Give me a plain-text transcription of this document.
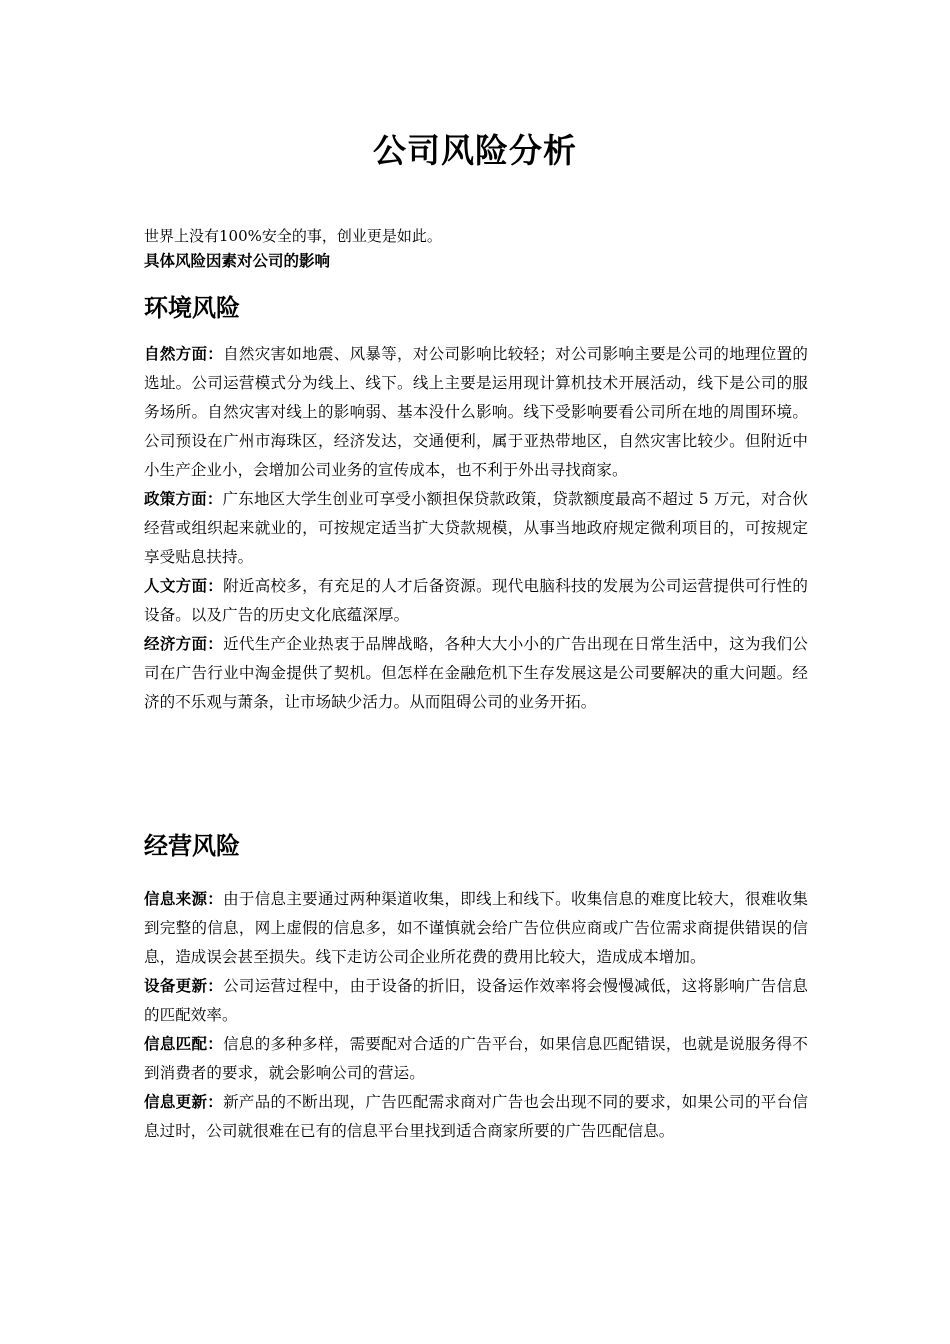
公司风险分析
世界上没有100%安全的事，创业更是如此。
具体风险因素对公司的影响
环境风险

自然方面：自然灾害如地震、风暴等，对公司影响比较轻；对公司影响主要是公司的地理位置的选址。公司运营模式分为线上、线下。线上主要是运用现计算机技术开展活动，线下是公司的服务场所。自然灾害对线上的影响弱、基本没什么影响。线下受影响要看公司所在地的周围环境。公司预设在广州市海珠区，经济发达，交通便利，属于亚热带地区，自然灾害比较少。但附近中小生产企业小，会增加公司业务的宣传成本，也不利于外出寻找商家。

政策方面：广东地区大学生创业可享受小额担保贷款政策，贷款额度最高不超过 5 万元，对合伙经营或组织起来就业的，可按规定适当扩大贷款规模，从事当地政府规定微利项目的，可按规定享受贴息扶持。

人文方面：附近高校多，有充足的人才后备资源。现代电脑科技的发展为公司运营提供可行性的设备。以及广告的历史文化底蕴深厚。

经济方面：近代生产企业热衷于品牌战略，各种大大小小的广告出现在日常生活中，这为我们公司在广告行业中淘金提供了契机。但怎样在金融危机下生存发展这是公司要解决的重大问题。经济的不乐观与萧条，让市场缺少活力。从而阻碍公司的业务开拓。

经营风险

信息来源：由于信息主要通过两种渠道收集，即线上和线下。收集信息的难度比较大，很难收集到完整的信息，网上虚假的信息多，如不谨慎就会给广告位供应商或广告位需求商提供错误的信息，造成误会甚至损失。线下走访公司企业所花费的费用比较大，造成成本增加。

设备更新：公司运营过程中，由于设备的折旧，设备运作效率将会慢慢减低，这将影响广告信息的匹配效率。

信息匹配：信息的多种多样，需要配对合适的广告平台，如果信息匹配错误，也就是说服务得不到消费者的要求，就会影响公司的营运。

信息更新：新产品的不断出现，广告匹配需求商对广告也会出现不同的要求，如果公司的平台信息过时，公司就很难在已有的信息平台里找到适合商家所要的广告匹配信息。
